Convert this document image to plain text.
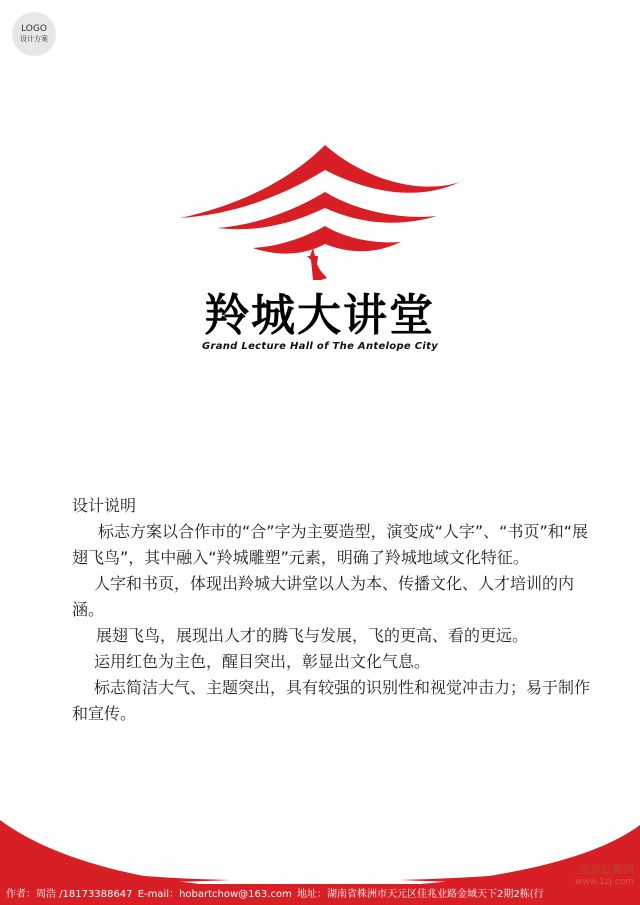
LOGO
设计方案
羚城大讲堂
Grand Lecture Hall of The Antelope City

设计说明

标志方案以合作市的“合”字为主要造型，演变成“人字”、“书页”和“展翅飞鸟”，其中融入“羚城雕塑”元素，明确了羚城地域文化特征。

人字和书页，体现出羚城大讲堂以人为本、传播文化、人才培训的内涵。

展翅飞鸟，展现出人才的腾飞与发展，飞的更高、看的更远。

运用红色为主色，醒目突出，彰显出文化气息。

标志简洁大气、主题突出，具有较强的识别性和视觉冲击力；易于制作和宣传。

作者：周浩 /18173388647 E-mail：hobartchow@163.com 地址：湖南省株洲市天元区佳兆业路金域天下2期2栋(行
全球征集网
www.1zj.com
